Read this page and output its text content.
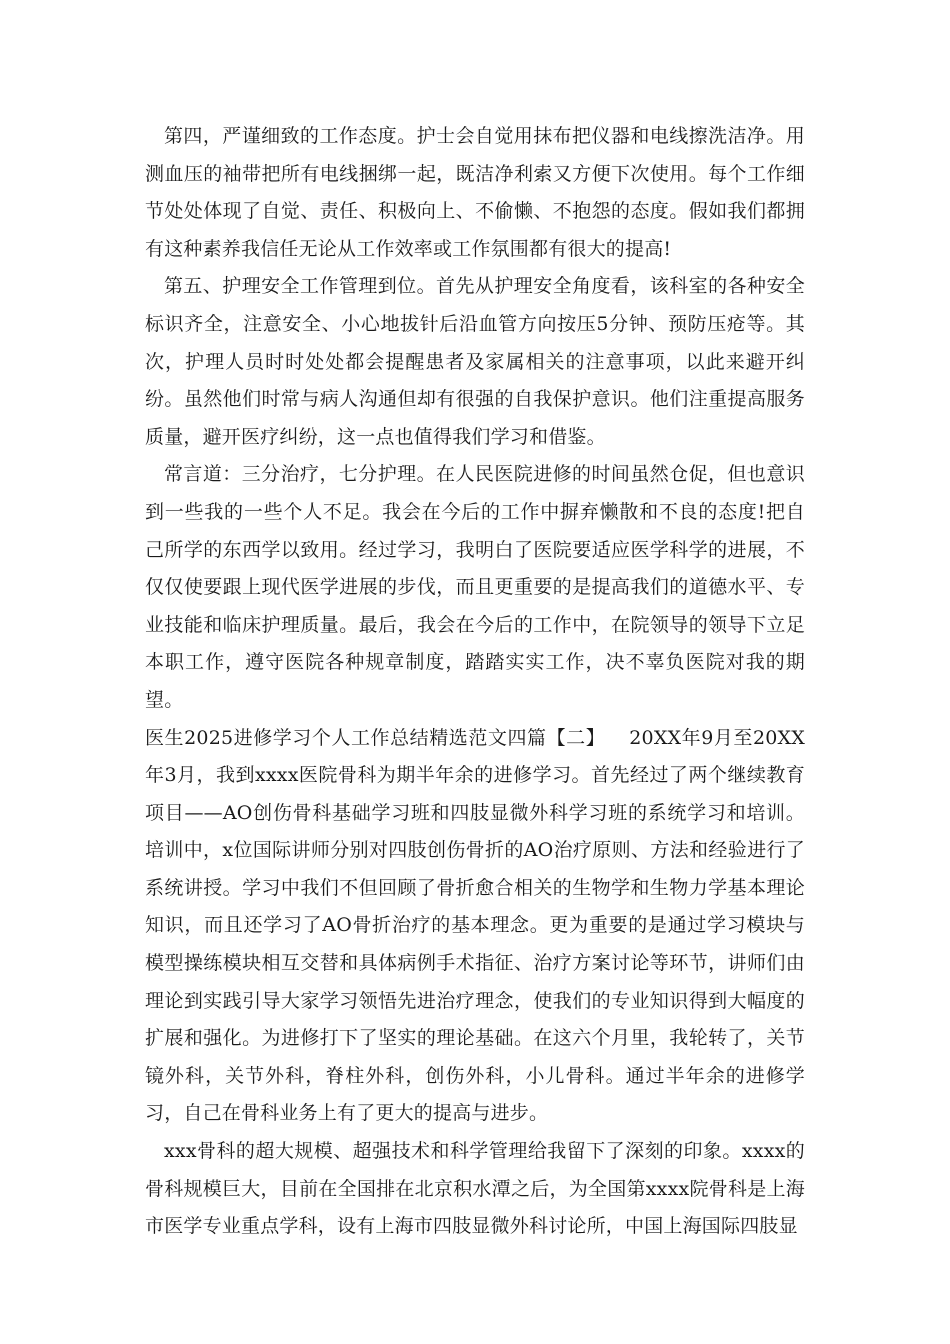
第四，严谨细致的工作态度。护士会自觉用抹布把仪器和电线擦洗洁净。用测血压的袖带把所有电线捆绑一起，既洁净利索又方便下次使用。每个工作细节处处体现了自觉、责任、积极向上、不偷懒、不抱怨的态度。假如我们都拥有这种素养我信任无论从工作效率或工作氛围都有很大的提高!

第五、护理安全工作管理到位。首先从护理安全角度看，该科室的各种安全标识齐全，注意安全、小心地拔针后沿血管方向按压5分钟、预防压疮等。其次，护理人员时时处处都会提醒患者及家属相关的注意事项，以此来避开纠纷。虽然他们时常与病人沟通但却有很强的自我保护意识。他们注重提高服务质量，避开医疗纠纷，这一点也值得我们学习和借鉴。

常言道：三分治疗，七分护理。在人民医院进修的时间虽然仓促，但也意识到一些我的一些个人不足。我会在今后的工作中摒弃懒散和不良的态度!把自己所学的东西学以致用。经过学习，我明白了医院要适应医学科学的进展，不仅仅使要跟上现代医学进展的步伐，而且更重要的是提高我们的道德水平、专业技能和临床护理质量。最后，我会在今后的工作中，在院领导的领导下立足本职工作，遵守医院各种规章制度，踏踏实实工作，决不辜负医院对我的期望。

医生2025进修学习个人工作总结精选范文四篇【二】 20XX年9月至20XX年3月，我到xxxx医院骨科为期半年余的进修学习。首先经过了两个继续教育项目——AO创伤骨科基础学习班和四肢显微外科学习班的系统学习和培训。培训中，x位国际讲师分别对四肢创伤骨折的AO治疗原则、方法和经验进行了系统讲授。学习中我们不但回顾了骨折愈合相关的生物学和生物力学基本理论知识，而且还学习了AO骨折治疗的基本理念。更为重要的是通过学习模块与模型操练模块相互交替和具体病例手术指征、治疗方案讨论等环节，讲师们由理论到实践引导大家学习领悟先进治疗理念，使我们的专业知识得到大幅度的扩展和强化。为进修打下了坚实的理论基础。在这六个月里，我轮转了，关节镜外科，关节外科，脊柱外科，创伤外科，小儿骨科。通过半年余的进修学习，自己在骨科业务上有了更大的提高与进步。

xxx骨科的超大规模、超强技术和科学管理给我留下了深刻的印象。xxxx的骨科规模巨大，目前在全国排在北京积水潭之后，为全国第xxxx院骨科是上海市医学专业重点学科，设有上海市四肢显微外科讨论所，中国上海国际四肢显
